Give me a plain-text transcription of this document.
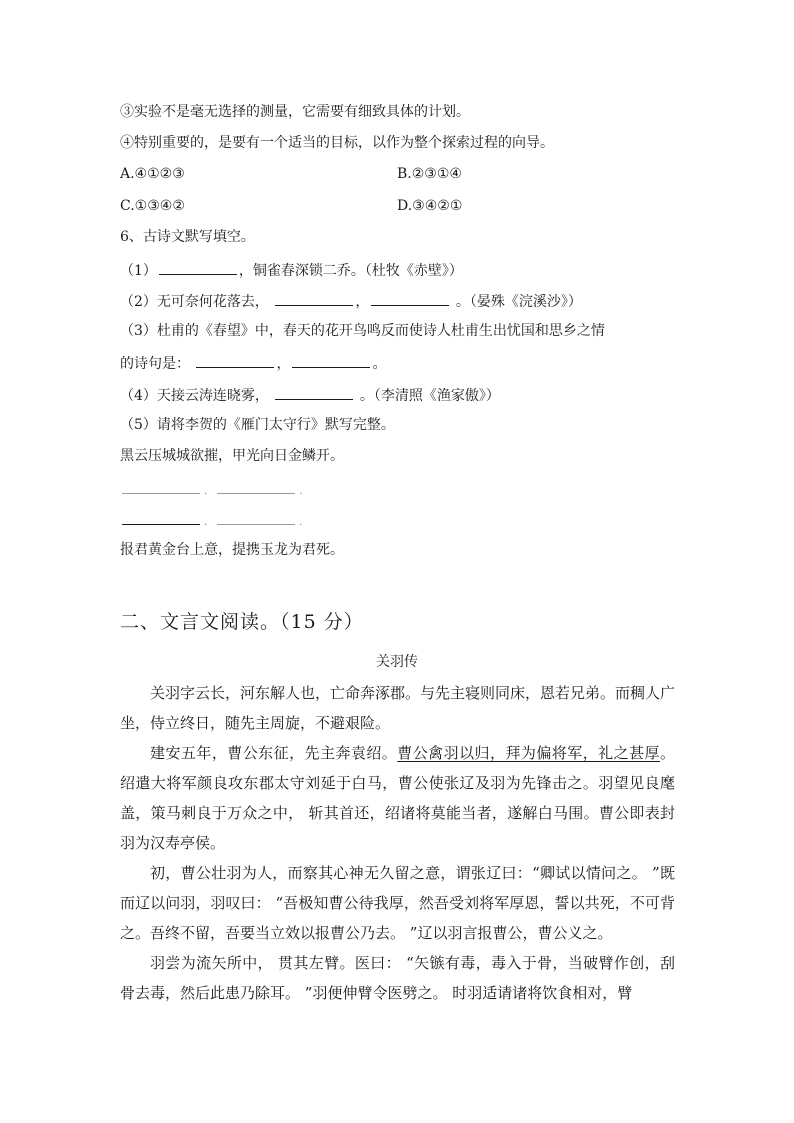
③实验不是毫无选择的测量，它需要有细致具体的计划。
④特别重要的，是要有一个适当的目标，以作为整个探索过程的向导。
A.④①②③	B.②③①④
C.①③④②	D.③④②①
6、古诗文默写填空。
（1）	，铜雀春深锁二乔。（杜牧《赤壁》）
（2）无可奈何花落去，	，	。（晏殊《浣溪沙》）
（3）杜甫的《春望》中，春天的花开鸟鸣反而使诗人杜甫生出忧国和思乡之情
的诗句是：	，	。
（4）天接云涛连晓雾，	。（李清照《渔家傲》）
（5）请将李贺的《雁门太守行》默写完整。
黑云压城城欲摧，甲光向日金鳞开。
.	.
.	.
报君黄金台上意，提携玉龙为君死。
二、文言文阅读。（15 分）
关羽传
关羽字云长，河东解人也，亡命奔涿郡。与先主寝则同床，恩若兄弟。而稠人广坐，侍立终日，随先主周旋，不避艰险。
建安五年，曹公东征，先主奔袁绍。曹公禽羽以归，拜为偏将军，礼之甚厚。绍遣大将军颜良攻东郡太守刘延于白马，曹公使张辽及羽为先锋击之。羽望见良麾盖，策马刺良于万众之中， 斩其首还，绍诸将莫能当者，遂解白马围。曹公即表封羽为汉寿亭侯。
初，曹公壮羽为人，而察其心神无久留之意，谓张辽曰：“卿试以情问之。 ”既而辽以问羽，羽叹曰： “吾极知曹公待我厚，然吾受刘将军厚恩，誓以共死，不可背之。吾终不留，吾要当立效以报曹公乃去。 ”辽以羽言报曹公，曹公义之。
羽尝为流矢所中， 贯其左臂。医曰： “矢镞有毒，毒入于骨，当破臂作创，刮骨去毒，然后此患乃除耳。 ”羽便伸臂令医劈之。 时羽适请诸将饮食相对，臂
